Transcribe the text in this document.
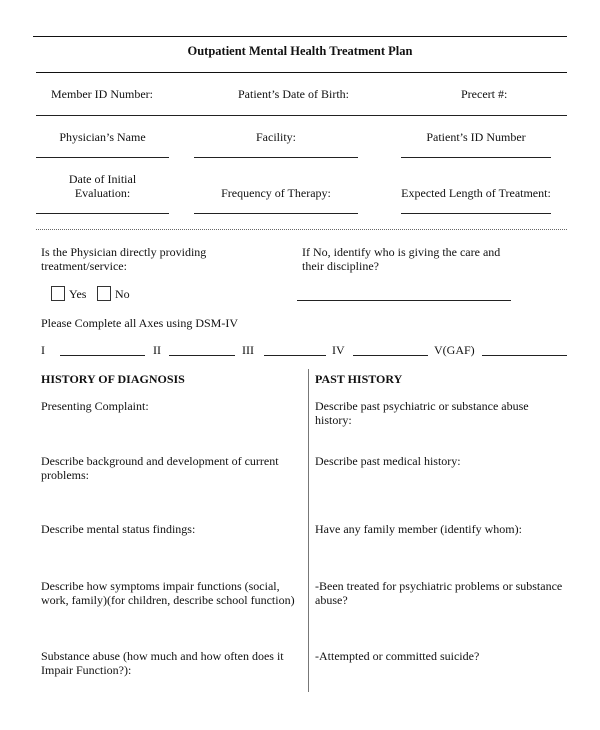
Outpatient Mental Health Treatment Plan
Member ID Number:	Patient’s Date of Birth:	Precert #:
Physician’s Name	Facility:	Patient’s ID Number
Date of Initial
Evaluation:	Frequency of Therapy:	Expected Length of Treatment:
Is the Physician directly providing
treatment/service:
Yes No
If No, identify who is giving the care and
their discipline?
Please Complete all Axes using DSM-IV
I	II	III	IV	V(GAF)
HISTORY OF DIAGNOSIS
Presenting Complaint:
Describe background and development of current
problems:
Describe mental status findings:
Describe how symptoms impair functions (social,
work, family)(for children, describe school function)
Substance abuse (how much and how often does it
Impair Function?):
PAST HISTORY
Describe past psychiatric or substance abuse
history:
Describe past medical history:
Have any family member (identify whom):
-Been treated for psychiatric problems or substance
abuse?
-Attempted or committed suicide?
